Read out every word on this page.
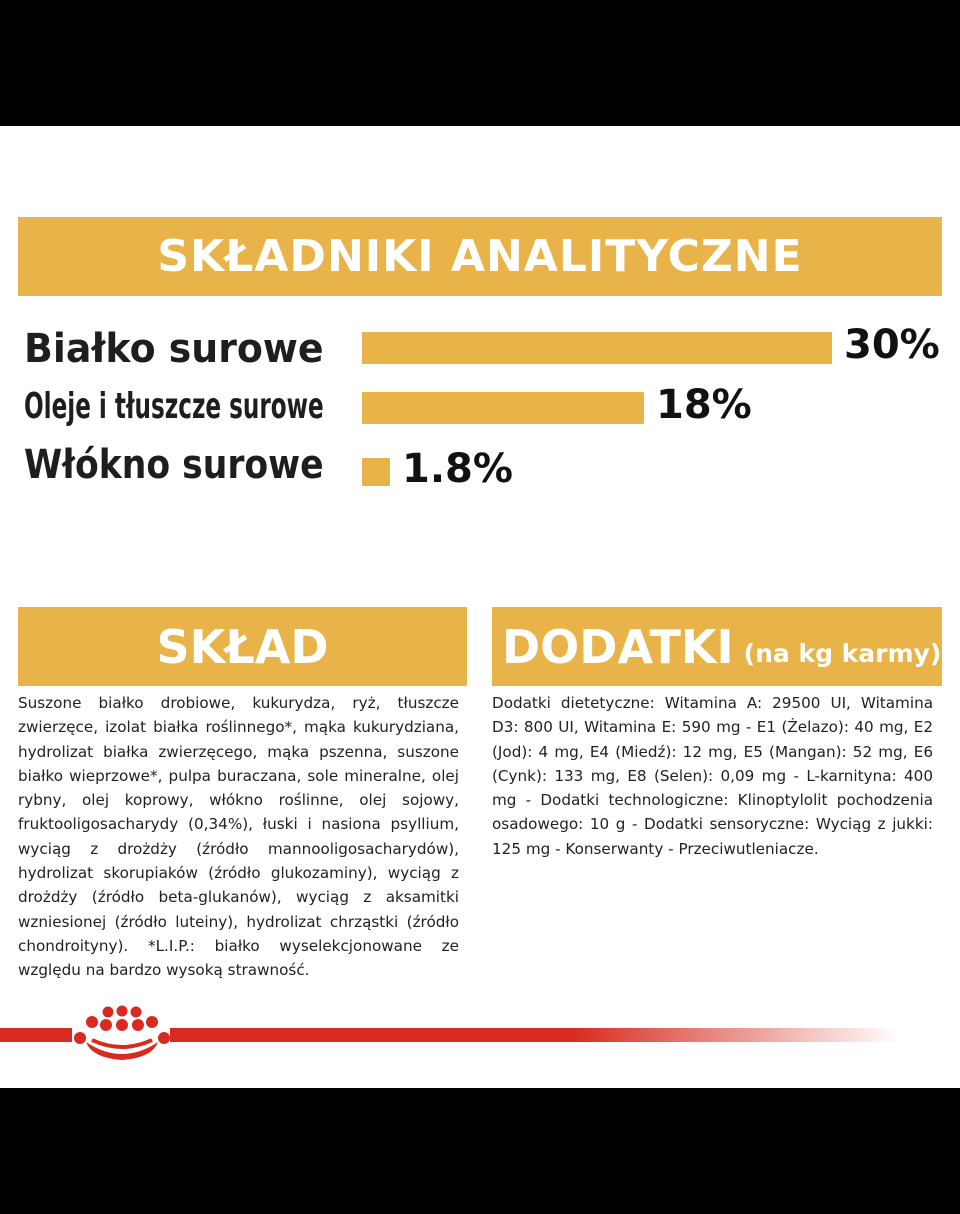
SKŁADNIKI ANALITYCZNE
Białko surowe
Oleje i tłuszcze surowe
Włókno surowe
30%
18%
1.8%
SKŁAD	DODATKI (na kg karmy)
Suszone białko drobiowe, kukurydza, ryż, tłuszcze zwierzęce, izolat białka roślinnego*, mąka kukurydziana, hydrolizat białka zwierzęcego, mąka pszenna, suszone białko wieprzowe*, pulpa buraczana, sole mineralne, olej rybny, olej koprowy, włókno roślinne, olej sojowy, fruktooligosacharydy (0,34%), łuski i nasiona psyllium, wyciąg z drożdży (źródło mannooligosacharydów), hydrolizat skorupiaków (źródło glukozaminy), wyciąg z drożdży (źródło beta-glukanów), wyciąg z aksamitki wzniesionej (źródło luteiny), hydrolizat chrząstki (źródło chondroityny). *L.I.P.: białko wyselekcjonowane ze względu na bardzo wysoką strawność.
Dodatki dietetyczne: Witamina A: 29500 UI, Witamina D3: 800 UI, Witamina E: 590 mg - E1 (Żelazo): 40 mg, E2 (Jod): 4 mg, E4 (Miedź): 12 mg, E5 (Mangan): 52 mg, E6 (Cynk): 133 mg, E8 (Selen): 0,09 mg - L-karnityna: 400 mg - Dodatki technologiczne: Klinoptylolit pochodzenia osadowego: 10 g - Dodatki sensoryczne: Wyciąg z jukki: 125 mg - Konserwanty - Przeciwutleniacze.
